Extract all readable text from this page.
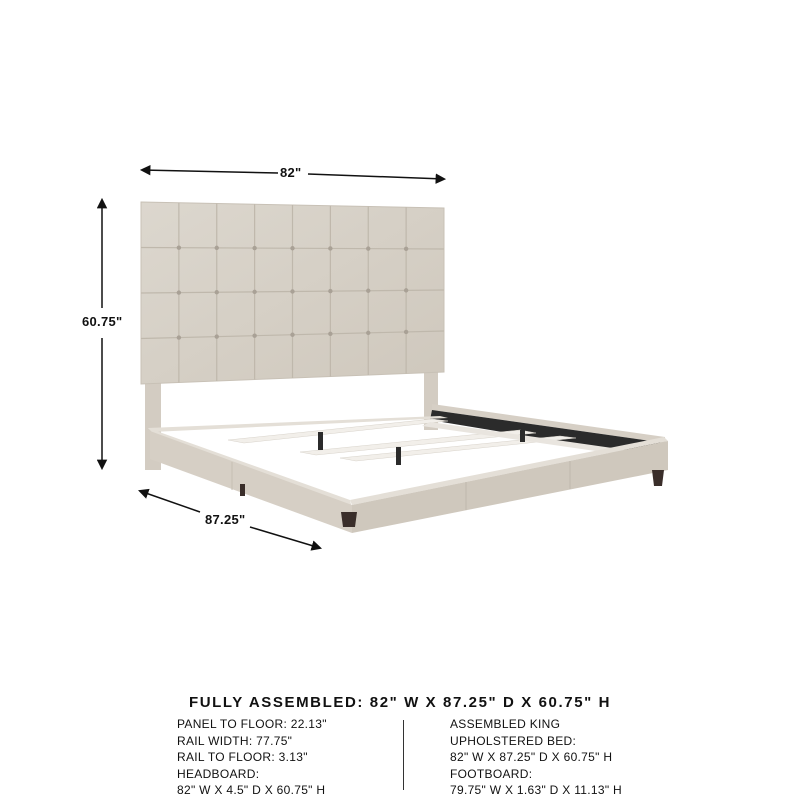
82"
60.75"
87.25"
FULLY ASSEMBLED: 82" W X 87.25" D X 60.75" H
PANEL TO FLOOR: 22.13"
RAIL WIDTH: 77.75"
RAIL TO FLOOR: 3.13"
HEADBOARD:
82" W X 4.5" D X 60.75" H
ASSEMBLED KING
UPHOLSTERED BED:
82" W X 87.25" D X 60.75" H
FOOTBOARD:
79.75" W X 1.63" D X 11.13" H
